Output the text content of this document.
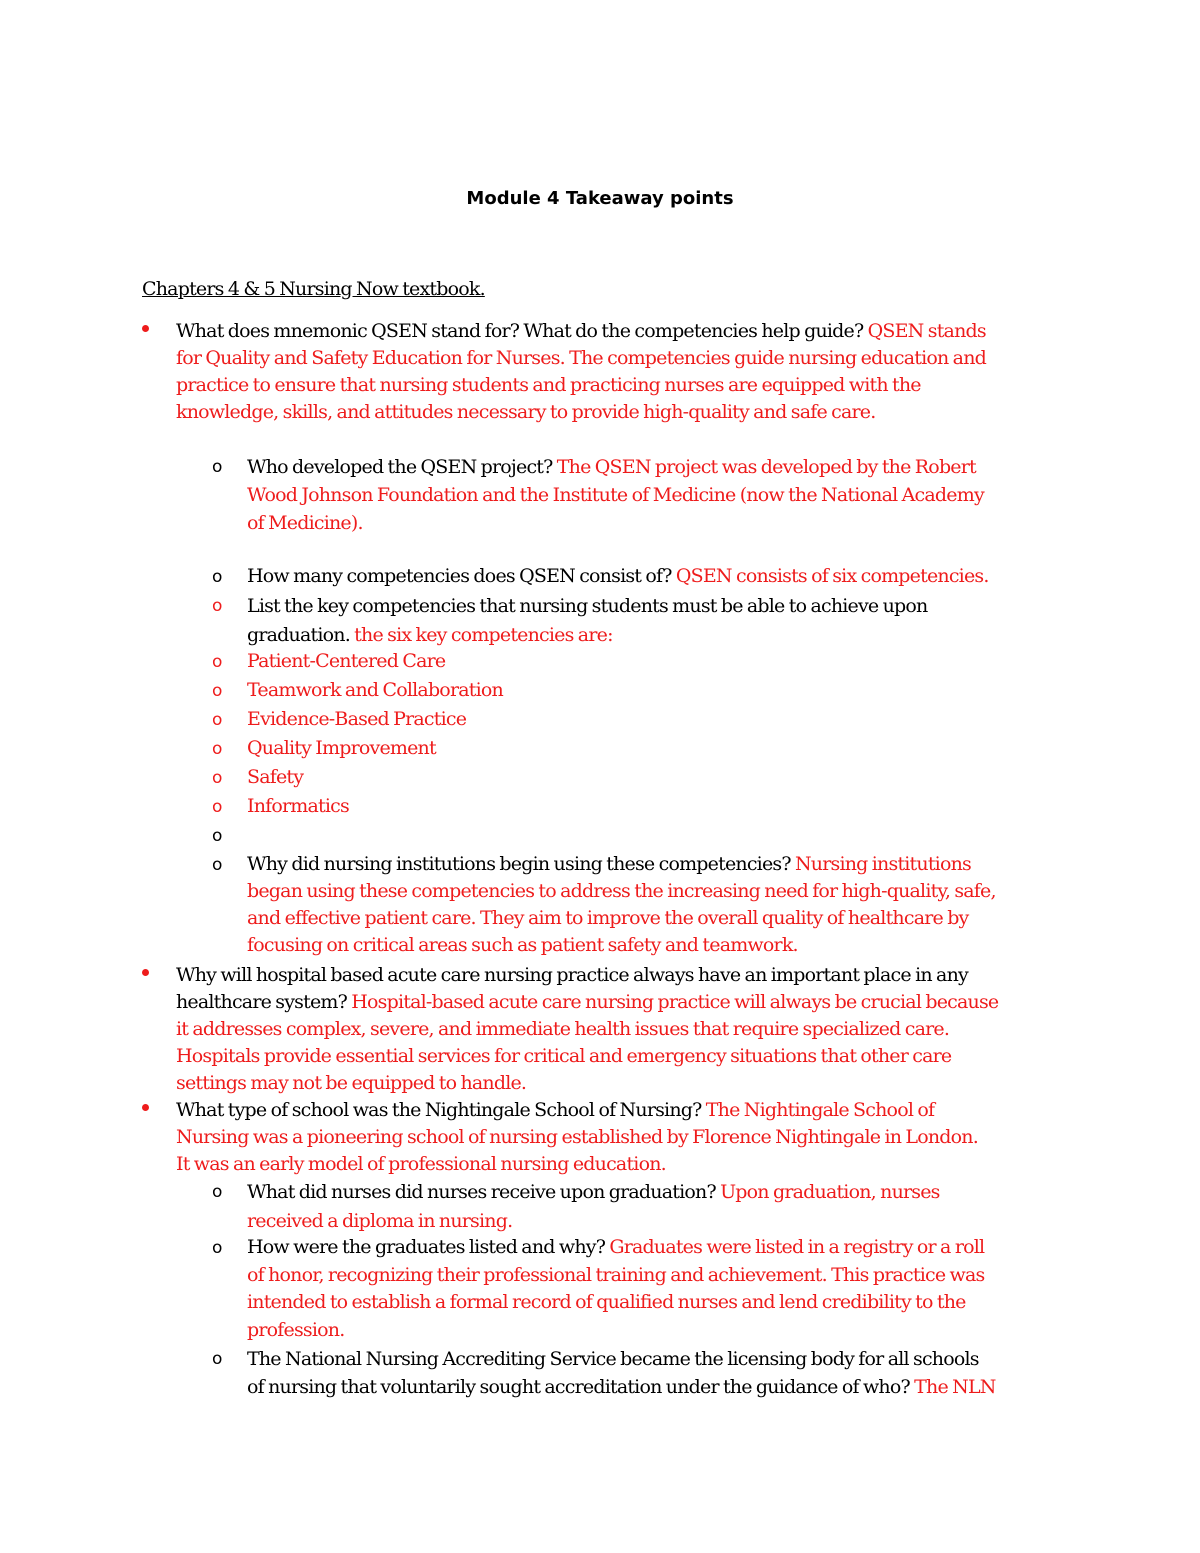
Module 4 Takeaway points
Chapters 4 & 5 Nursing Now textbook.
What does mnemonic QSEN stand for? What do the competencies help guide? QSEN stands
for Quality and Safety Education for Nurses. The competencies guide nursing education and
practice to ensure that nursing students and practicing nurses are equipped with the
knowledge, skills, and attitudes necessary to provide high-quality and safe care.
o Who developed the QSEN project? The QSEN project was developed by the Robert
Wood Johnson Foundation and the Institute of Medicine (now the National Academy
of Medicine).
o How many competencies does QSEN consist of? QSEN consists of six competencies.
o List the key competencies that nursing students must be able to achieve upon
graduation. the six key competencies are:
o Patient-Centered Care
o Teamwork and Collaboration
o Evidence-Based Practice
o Quality Improvement
o Safety
o Informatics
o
o Why did nursing institutions begin using these competencies? Nursing institutions
began using these competencies to address the increasing need for high-quality, safe,
and effective patient care. They aim to improve the overall quality of healthcare by
focusing on critical areas such as patient safety and teamwork.
Why will hospital based acute care nursing practice always have an important place in any
healthcare system? Hospital-based acute care nursing practice will always be crucial because
it addresses complex, severe, and immediate health issues that require specialized care.
Hospitals provide essential services for critical and emergency situations that other care
settings may not be equipped to handle.
What type of school was the Nightingale School of Nursing? The Nightingale School of
Nursing was a pioneering school of nursing established by Florence Nightingale in London.
It was an early model of professional nursing education.
o What did nurses did nurses receive upon graduation? Upon graduation, nurses
received a diploma in nursing.
o How were the graduates listed and why? Graduates were listed in a registry or a roll
of honor, recognizing their professional training and achievement. This practice was
intended to establish a formal record of qualified nurses and lend credibility to the
profession.
o The National Nursing Accrediting Service became the licensing body for all schools
of nursing that voluntarily sought accreditation under the guidance of who? The NLN
